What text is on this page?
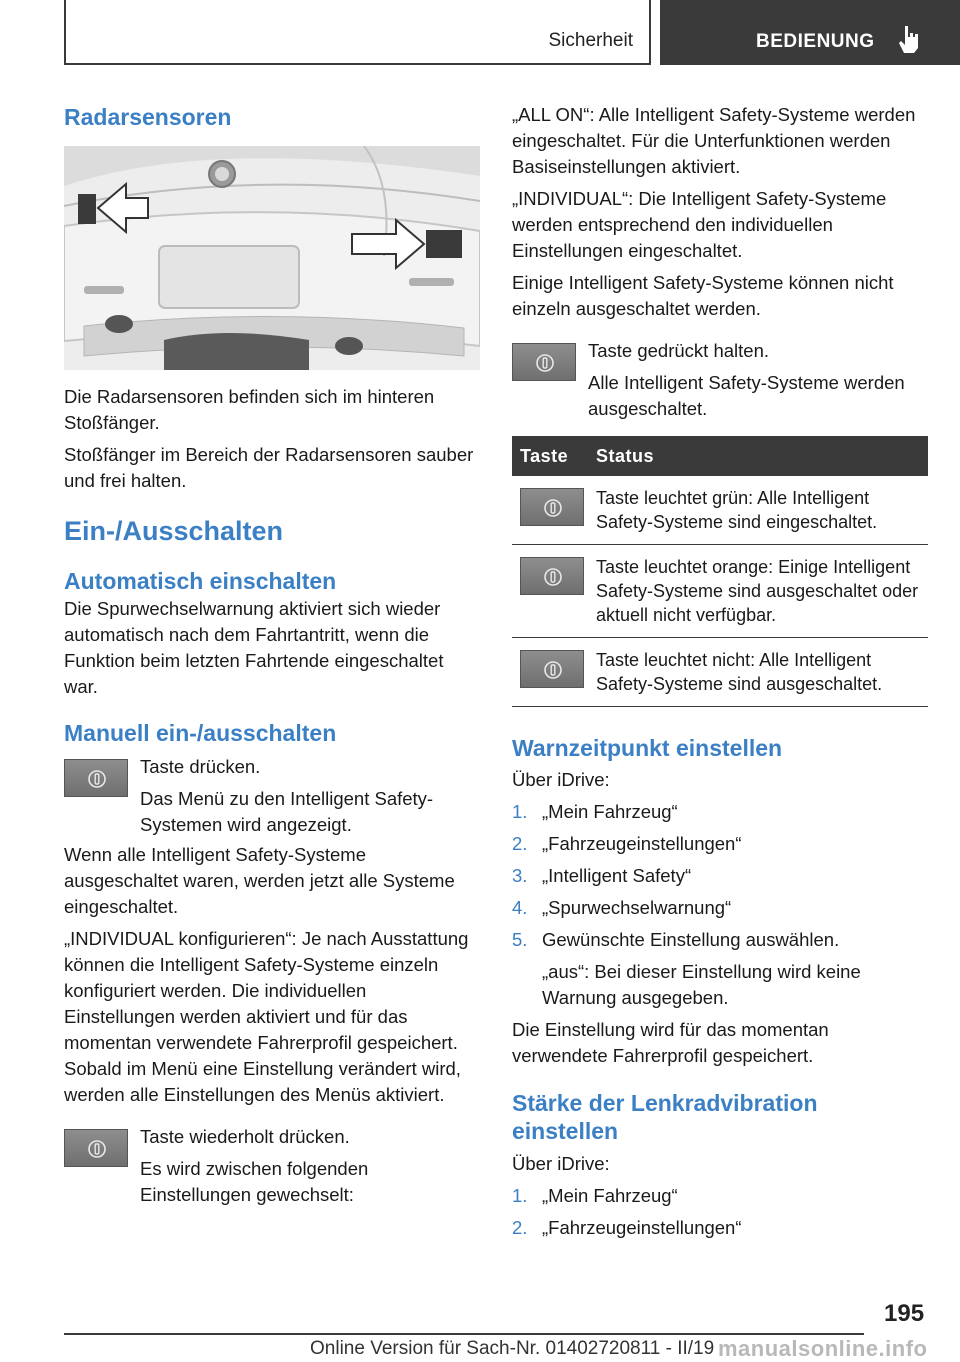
Sicherheit	BEDIENUNG
Radarsensoren

Die Radarsensoren befinden sich im hinteren Stoßfänger.

Stoßfänger im Bereich der Radarsensoren sauber und frei halten.

Ein-/Ausschalten
Automatisch einschalten

Die Spurwechselwarnung aktiviert sich wieder automatisch nach dem Fahrtantritt, wenn die Funktion beim letzten Fahrtende eingeschaltet war.

Manuell ein-/ausschalten

Taste drücken.

Das Menü zu den Intelligent Safety-Systemen wird angezeigt.

Wenn alle Intelligent Safety-Systeme ausgeschaltet waren, werden jetzt alle Systeme eingeschaltet.

„INDIVIDUAL konfigurieren“: Je nach Ausstattung können die Intelligent Safety-Systeme einzeln konfiguriert werden. Die individuellen Einstellungen werden aktiviert und für das momentan verwendete Fahrerprofil gespeichert. Sobald im Menü eine Einstellung verändert wird, werden alle Einstellungen des Menüs aktiviert.

Taste wiederholt drücken.

Es wird zwischen folgenden Einstellungen gewechselt:

„ALL ON“: Alle Intelligent Safety-Systeme werden eingeschaltet. Für die Unterfunktionen werden Basiseinstellungen aktiviert.

„INDIVIDUAL“: Die Intelligent Safety-Systeme werden entsprechend den individuellen Einstellungen eingeschaltet.

Einige Intelligent Safety-Systeme können nicht einzeln ausgeschaltet werden.

Taste gedrückt halten.

Alle Intelligent Safety-Systeme werden ausgeschaltet.

Taste	Status

	Taste leuchtet grün: Alle Intelligent Safety-Systeme sind eingeschaltet.

	Taste leuchtet orange: Einige Intelligent Safety-Systeme sind ausgeschaltet oder aktuell nicht verfügbar.

	Taste leuchtet nicht: Alle Intelligent Safety-Systeme sind ausgeschaltet.
Warnzeitpunkt einstellen

Über iDrive:

1. „Mein Fahrzeug“
2. „Fahrzeugeinstellungen“
3. „Intelligent Safety“
4. „Spurwechselwarnung“
5. Gewünschte Einstellung auswählen.

„aus“: Bei dieser Einstellung wird keine Warnung ausgegeben.

Die Einstellung wird für das momentan verwendete Fahrerprofil gespeichert.

Stärke der Lenkradvibration einstellen

Über iDrive:

1. „Mein Fahrzeug“
2. „Fahrzeugeinstellungen“
195
Online Version für Sach-Nr. 01402720811 - II/19 manualsonline.info
